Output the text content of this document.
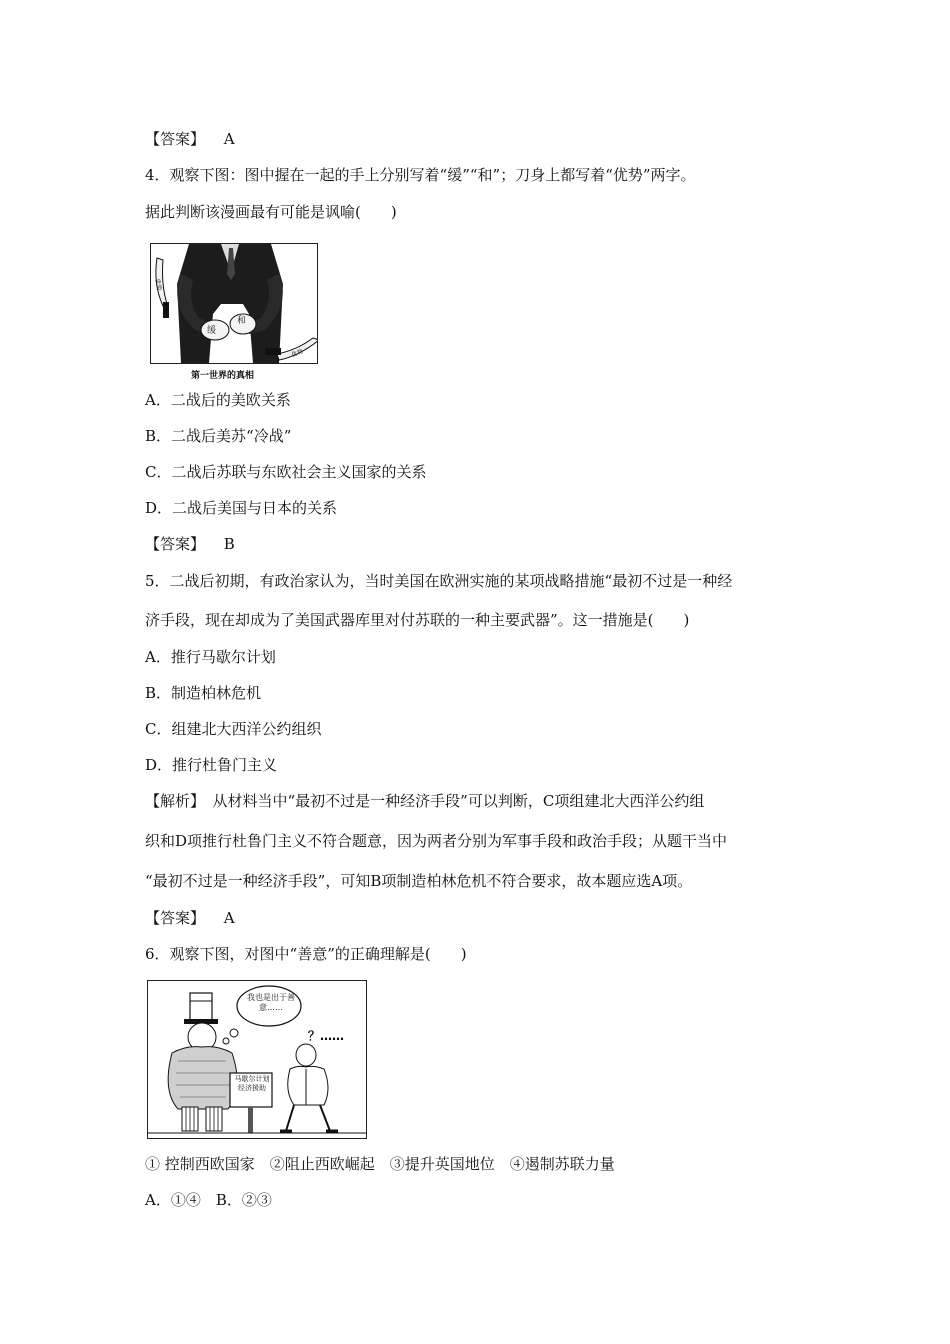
【答案】 A
4．观察下图：图中握在一起的手上分别写着“缓”“和”；刀身上都写着“优势”两字。
据此判断该漫画最有可能是讽喻(　　)
缓
和
优势
优势
第一世界的真相
A．二战后的美欧关系
B．二战后美苏“冷战”
C．二战后苏联与东欧社会主义国家的关系
D．二战后美国与日本的关系
【答案】 B
5．二战后初期，有政治家认为，当时美国在欧洲实施的某项战略措施“最初不过是一种经
济手段，现在却成为了美国武器库里对付苏联的一种主要武器”。这一措施是(　　)
A．推行马歇尔计划
B．制造柏林危机
C．组建北大西洋公约组织
D．推行杜鲁门主义
【解析】　从材料当中“最初不过是一种经济手段”可以判断，C项组建北大西洋公约组
织和D项推行杜鲁门主义不符合题意，因为两者分别为军事手段和政治手段；从题干当中
“最初不过是一种经济手段”，可知B项制造柏林危机不符合要求，故本题应选A项。
【答案】 A
6．观察下图，对图中“善意”的正确理解是(　　)
我也是出于善意……
？……
马歇尔计划经济援助
① 控制西欧国家　②阻止西欧崛起　③提升英国地位　④遏制苏联力量
A．①④　B．②③
